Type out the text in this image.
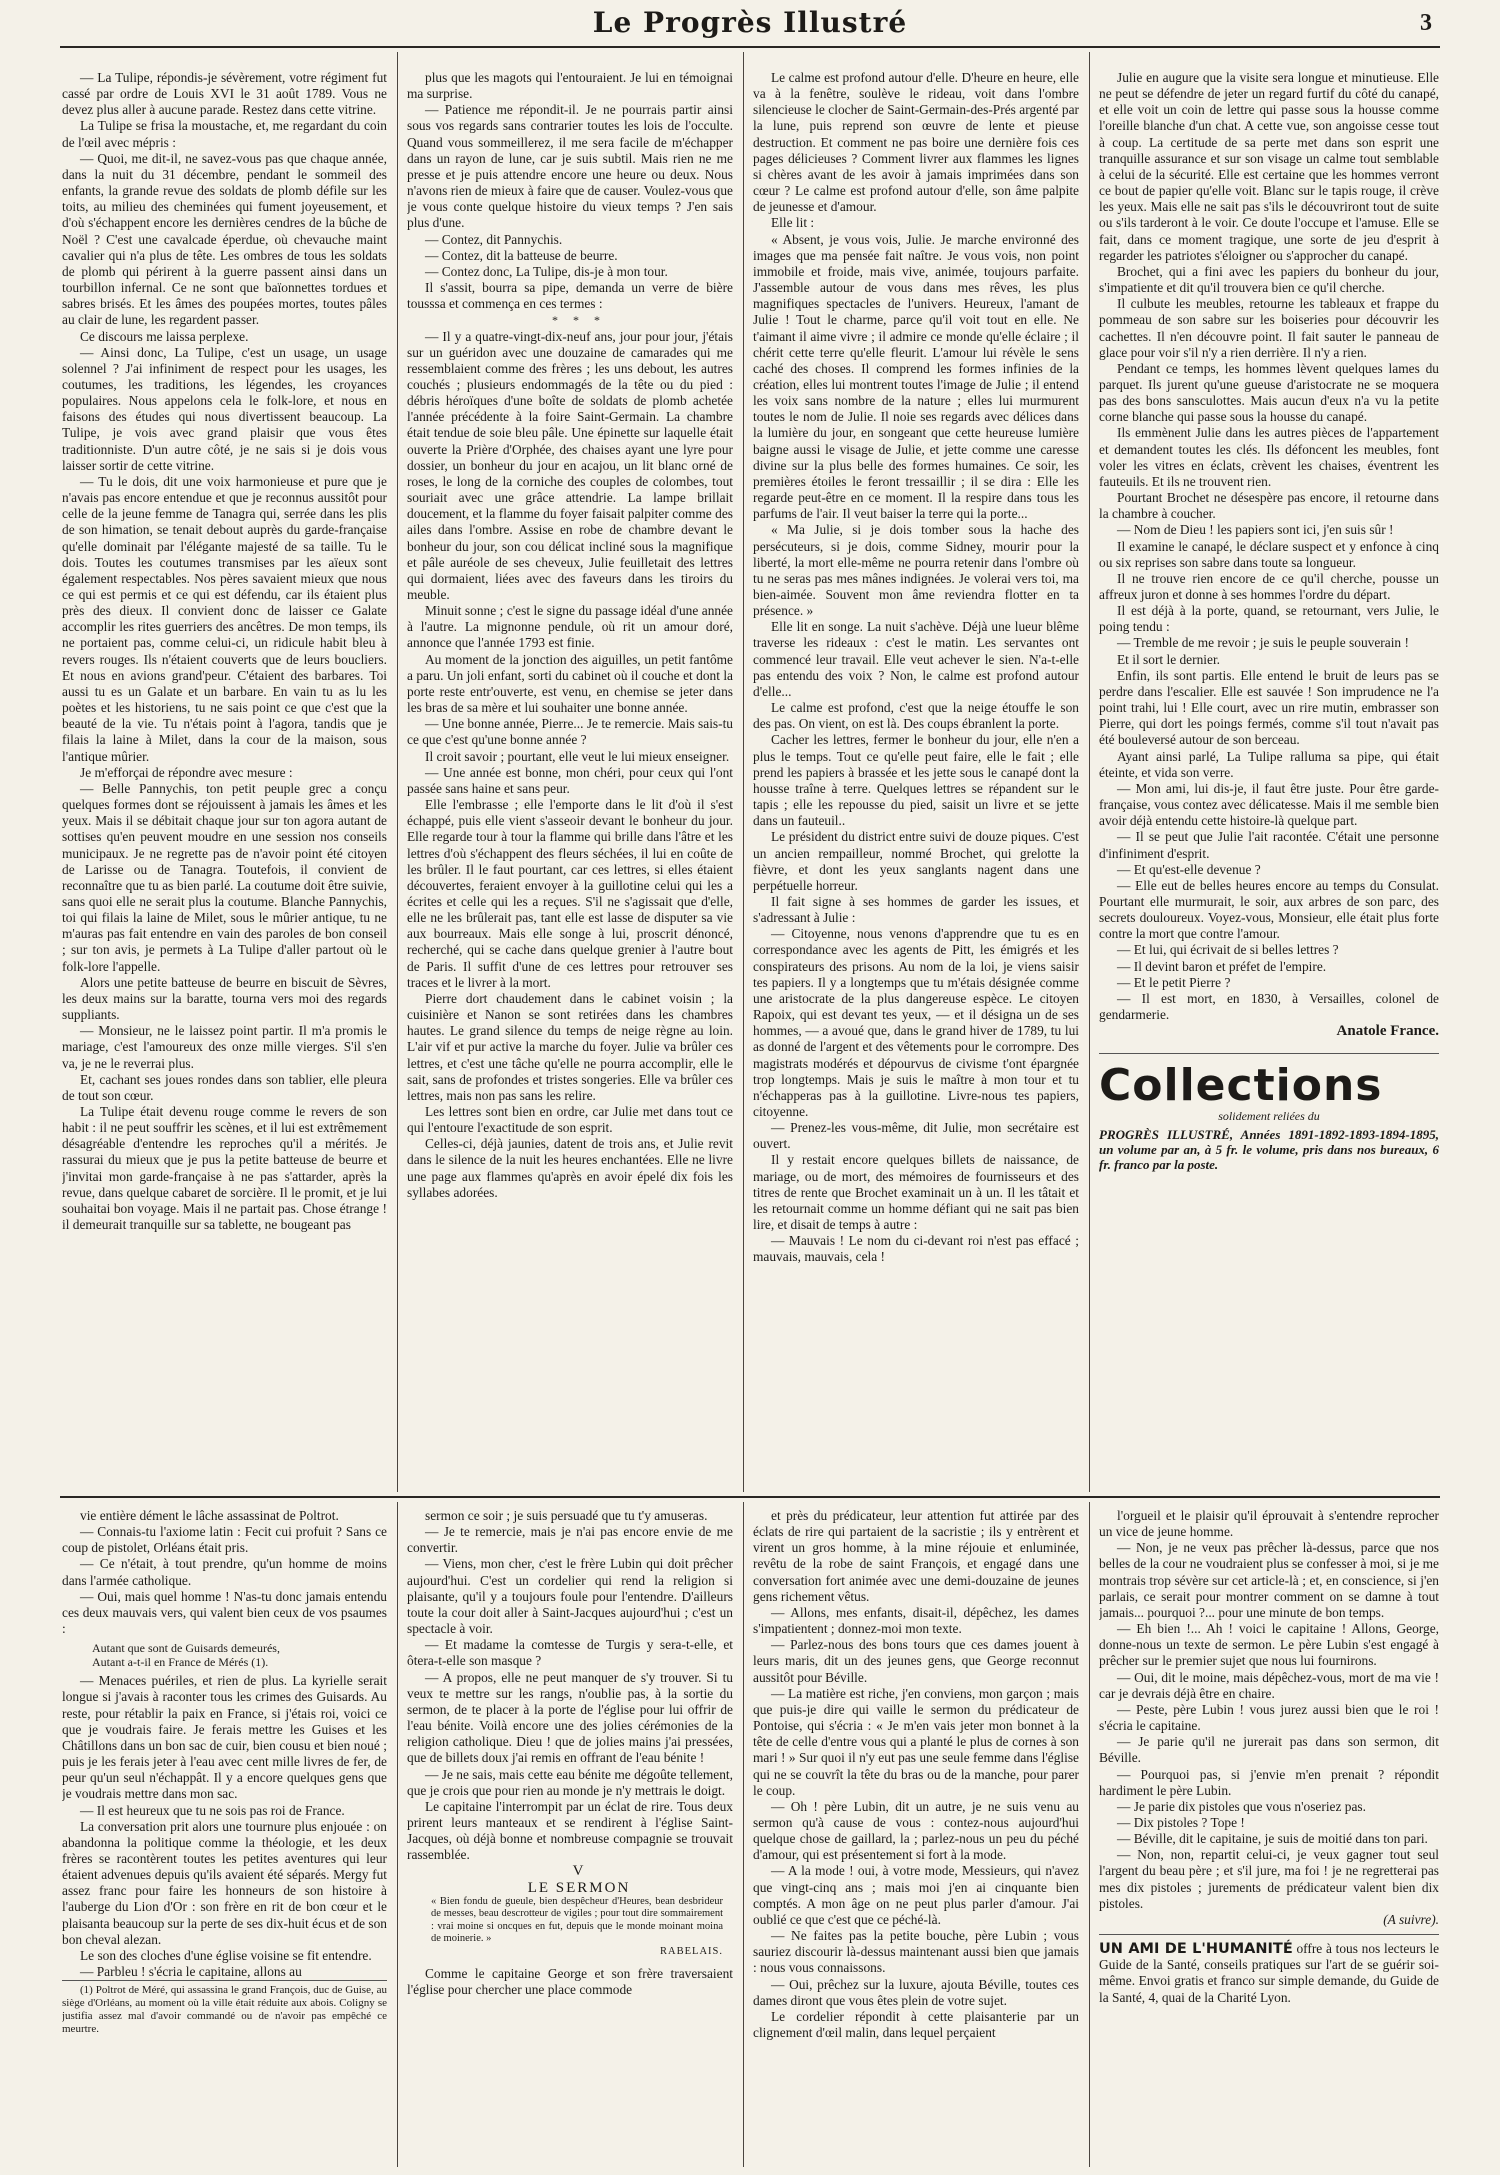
Le Progrès Illustré	3

— La Tulipe, répondis-je sévèrement, votre régiment fut cassé par ordre de Louis XVI le 31 août 1789. Vous ne devez plus aller à aucune parade. Restez dans cette vitrine.

La Tulipe se frisa la moustache, et, me regardant du coin de l'œil avec mépris :

— Quoi, me dit-il, ne savez-vous pas que chaque année, dans la nuit du 31 décembre, pendant le sommeil des enfants, la grande revue des soldats de plomb défile sur les toits, au milieu des cheminées qui fument joyeusement, et d'où s'échappent encore les dernières cendres de la bûche de Noël ? C'est une cavalcade éperdue, où chevauche maint cavalier qui n'a plus de tête. Les ombres de tous les soldats de plomb qui périrent à la guerre passent ainsi dans un tourbillon infernal. Ce ne sont que baïonnettes tordues et sabres brisés. Et les âmes des poupées mortes, toutes pâles au clair de lune, les regardent passer.

Ce discours me laissa perplexe.

— Ainsi donc, La Tulipe, c'est un usage, un usage solennel ? J'ai infiniment de respect pour les usages, les coutumes, les traditions, les légendes, les croyances populaires. Nous appelons cela le folk-lore, et nous en faisons des études qui nous divertissent beaucoup. La Tulipe, je vois avec grand plaisir que vous êtes traditionniste. D'un autre côté, je ne sais si je dois vous laisser sortir de cette vitrine.

— Tu le dois, dit une voix harmonieuse et pure que je n'avais pas encore entendue et que je reconnus aussitôt pour celle de la jeune femme de Tanagra qui, serrée dans les plis de son himation, se tenait debout auprès du garde-française qu'elle dominait par l'élégante majesté de sa taille. Tu le dois. Toutes les coutumes transmises par les aïeux sont également respectables. Nos pères savaient mieux que nous ce qui est permis et ce qui est défendu, car ils étaient plus près des dieux. Il convient donc de laisser ce Galate accomplir les rites guerriers des ancêtres. De mon temps, ils ne portaient pas, comme celui-ci, un ridicule habit bleu à revers rouges. Ils n'étaient couverts que de leurs boucliers. Et nous en avions grand'peur. C'étaient des barbares. Toi aussi tu es un Galate et un barbare. En vain tu as lu les poètes et les historiens, tu ne sais point ce que c'est que la beauté de la vie. Tu n'étais point à l'agora, tandis que je filais la laine à Milet, dans la cour de la maison, sous l'antique mûrier.

Je m'efforçai de répondre avec mesure :

— Belle Pannychis, ton petit peuple grec a conçu quelques formes dont se réjouissent à jamais les âmes et les yeux. Mais il se débitait chaque jour sur ton agora autant de sottises qu'en peuvent moudre en une session nos conseils municipaux. Je ne regrette pas de n'avoir point été citoyen de Larisse ou de Tanagra. Toutefois, il convient de reconnaître que tu as bien parlé. La coutume doit être suivie, sans quoi elle ne serait plus la coutume. Blanche Pannychis, toi qui filais la laine de Milet, sous le mûrier antique, tu ne m'auras pas fait entendre en vain des paroles de bon conseil ; sur ton avis, je permets à La Tulipe d'aller partout où le folk-lore l'appelle.

Alors une petite batteuse de beurre en biscuit de Sèvres, les deux mains sur la baratte, tourna vers moi des regards suppliants.

— Monsieur, ne le laissez point partir. Il m'a promis le mariage, c'est l'amoureux des onze mille vierges. S'il s'en va, je ne le reverrai plus.

Et, cachant ses joues rondes dans son tablier, elle pleura de tout son cœur.

La Tulipe était devenu rouge comme le revers de son habit : il ne peut souffrir les scènes, et il lui est extrêmement désagréable d'entendre les reproches qu'il a mérités. Je rassurai du mieux que je pus la petite batteuse de beurre et j'invitai mon garde-française à ne pas s'attarder, après la revue, dans quelque cabaret de sorcière. Il le promit, et je lui souhaitai bon voyage. Mais il ne partait pas. Chose étrange ! il demeurait tranquille sur sa tablette, ne bougeant pas

plus que les magots qui l'entouraient. Je lui en témoignai ma surprise.

— Patience me répondit-il. Je ne pourrais partir ainsi sous vos regards sans contrarier toutes les lois de l'occulte. Quand vous sommeillerez, il me sera facile de m'échapper dans un rayon de lune, car je suis subtil. Mais rien ne me presse et je puis attendre encore une heure ou deux. Nous n'avons rien de mieux à faire que de causer. Voulez-vous que je vous conte quelque histoire du vieux temps ? J'en sais plus d'une.

— Contez, dit Pannychis.

— Contez, dit la batteuse de beurre.

— Contez donc, La Tulipe, dis-je à mon tour.

Il s'assit, bourra sa pipe, demanda un verre de bière tousssa et commença en ces termes :

* * *

— Il y a quatre-vingt-dix-neuf ans, jour pour jour, j'étais sur un guéridon avec une douzaine de camarades qui me ressemblaient comme des frères ; les uns debout, les autres couchés ; plusieurs endommagés de la tête ou du pied : débris héroïques d'une boîte de soldats de plomb achetée l'année précédente à la foire Saint-Germain. La chambre était tendue de soie bleu pâle. Une épinette sur laquelle était ouverte la Prière d'Orphée, des chaises ayant une lyre pour dossier, un bonheur du jour en acajou, un lit blanc orné de roses, le long de la corniche des couples de colombes, tout souriait avec une grâce attendrie. La lampe brillait doucement, et la flamme du foyer faisait palpiter comme des ailes dans l'ombre. Assise en robe de chambre devant le bonheur du jour, son cou délicat incliné sous la magnifique et pâle auréole de ses cheveux, Julie feuilletait des lettres qui dormaient, liées avec des faveurs dans les tiroirs du meuble.

Minuit sonne ; c'est le signe du passage idéal d'une année à l'autre. La mignonne pendule, où rit un amour doré, annonce que l'année 1793 est finie.

Au moment de la jonction des aiguilles, un petit fantôme a paru. Un joli enfant, sorti du cabinet où il couche et dont la porte reste entr'ouverte, est venu, en chemise se jeter dans les bras de sa mère et lui souhaiter une bonne année.

— Une bonne année, Pierre... Je te remercie. Mais sais-tu ce que c'est qu'une bonne année ?

Il croit savoir ; pourtant, elle veut le lui mieux enseigner.

— Une année est bonne, mon chéri, pour ceux qui l'ont passée sans haine et sans peur.

Elle l'embrasse ; elle l'emporte dans le lit d'où il s'est échappé, puis elle vient s'asseoir devant le bonheur du jour. Elle regarde tour à tour la flamme qui brille dans l'âtre et les lettres d'où s'échappent des fleurs séchées, il lui en coûte de les brûler. Il le faut pourtant, car ces lettres, si elles étaient découvertes, feraient envoyer à la guillotine celui qui les a écrites et celle qui les a reçues. S'il ne s'agissait que d'elle, elle ne les brûlerait pas, tant elle est lasse de disputer sa vie aux bourreaux. Mais elle songe à lui, proscrit dénoncé, recherché, qui se cache dans quelque grenier à l'autre bout de Paris. Il suffit d'une de ces lettres pour retrouver ses traces et le livrer à la mort.

Pierre dort chaudement dans le cabinet voisin ; la cuisinière et Nanon se sont retirées dans les chambres hautes. Le grand silence du temps de neige règne au loin. L'air vif et pur active la marche du foyer. Julie va brûler ces lettres, et c'est une tâche qu'elle ne pourra accomplir, elle le sait, sans de profondes et tristes songeries. Elle va brûler ces lettres, mais non pas sans les relire.

Les lettres sont bien en ordre, car Julie met dans tout ce qui l'entoure l'exactitude de son esprit.

Celles-ci, déjà jaunies, datent de trois ans, et Julie revit dans le silence de la nuit les heures enchantées. Elle ne livre une page aux flammes qu'après en avoir épelé dix fois les syllabes adorées.

Le calme est profond autour d'elle. D'heure en heure, elle va à la fenêtre, soulève le rideau, voit dans l'ombre silencieuse le clocher de Saint-Germain-des-Prés argenté par la lune, puis reprend son œuvre de lente et pieuse destruction. Et comment ne pas boire une dernière fois ces pages délicieuses ? Comment livrer aux flammes les lignes si chères avant de les avoir à jamais imprimées dans son cœur ? Le calme est profond autour d'elle, son âme palpite de jeunesse et d'amour.

Elle lit :

« Absent, je vous vois, Julie. Je marche environné des images que ma pensée fait naître. Je vous vois, non point immobile et froide, mais vive, animée, toujours parfaite. J'assemble autour de vous dans mes rêves, les plus magnifiques spectacles de l'univers. Heureux, l'amant de Julie ! Tout le charme, parce qu'il voit tout en elle. Ne t'aimant il aime vivre ; il admire ce monde qu'elle éclaire ; il chérit cette terre qu'elle fleurit. L'amour lui révèle le sens caché des choses. Il comprend les formes infinies de la création, elles lui montrent toutes l'image de Julie ; il entend les voix sans nombre de la nature ; elles lui murmurent toutes le nom de Julie. Il noie ses regards avec délices dans la lumière du jour, en songeant que cette heureuse lumière baigne aussi le visage de Julie, et jette comme une caresse divine sur la plus belle des formes humaines. Ce soir, les premières étoiles le feront tressaillir ; il se dira : Elle les regarde peut-être en ce moment. Il la respire dans tous les parfums de l'air. Il veut baiser la terre qui la porte...

« Ma Julie, si je dois tomber sous la hache des persécuteurs, si je dois, comme Sidney, mourir pour la liberté, la mort elle-même ne pourra retenir dans l'ombre où tu ne seras pas mes mânes indignées. Je volerai vers toi, ma bien-aimée. Souvent mon âme reviendra flotter en ta présence. »

Elle lit en songe. La nuit s'achève. Déjà une lueur blême traverse les rideaux : c'est le matin. Les servantes ont commencé leur travail. Elle veut achever le sien. N'a-t-elle pas entendu des voix ? Non, le calme est profond autour d'elle...

Le calme est profond, c'est que la neige étouffe le son des pas. On vient, on est là. Des coups ébranlent la porte.

Cacher les lettres, fermer le bonheur du jour, elle n'en a plus le temps. Tout ce qu'elle peut faire, elle le fait ; elle prend les papiers à brassée et les jette sous le canapé dont la housse traîne à terre. Quelques lettres se répandent sur le tapis ; elle les repousse du pied, saisit un livre et se jette dans un fauteuil..

Le président du district entre suivi de douze piques. C'est un ancien rempailleur, nommé Brochet, qui grelotte la fièvre, et dont les yeux sanglants nagent dans une perpétuelle horreur.

Il fait signe à ses hommes de garder les issues, et s'adressant à Julie :

— Citoyenne, nous venons d'apprendre que tu es en correspondance avec les agents de Pitt, les émigrés et les conspirateurs des prisons. Au nom de la loi, je viens saisir tes papiers. Il y a longtemps que tu m'étais désignée comme une aristocrate de la plus dangereuse espèce. Le citoyen Rapoix, qui est devant tes yeux, — et il désigna un de ses hommes, — a avoué que, dans le grand hiver de 1789, tu lui as donné de l'argent et des vêtements pour le corrompre. Des magistrats modérés et dépourvus de civisme t'ont épargnée trop longtemps. Mais je suis le maître à mon tour et tu n'échapperas pas à la guillotine. Livre-nous tes papiers, citoyenne.

— Prenez-les vous-même, dit Julie, mon secrétaire est ouvert.

Il y restait encore quelques billets de naissance, de mariage, ou de mort, des mémoires de fournisseurs et des titres de rente que Brochet examinait un à un. Il les tâtait et les retournait comme un homme défiant qui ne sait pas bien lire, et disait de temps à autre :

— Mauvais ! Le nom du ci-devant roi n'est pas effacé ; mauvais, mauvais, cela !

Julie en augure que la visite sera longue et minutieuse. Elle ne peut se défendre de jeter un regard furtif du côté du canapé, et elle voit un coin de lettre qui passe sous la housse comme l'oreille blanche d'un chat. A cette vue, son angoisse cesse tout à coup. La certitude de sa perte met dans son esprit une tranquille assurance et sur son visage un calme tout semblable à celui de la sécurité. Elle est certaine que les hommes verront ce bout de papier qu'elle voit. Blanc sur le tapis rouge, il crève les yeux. Mais elle ne sait pas s'ils le découvriront tout de suite ou s'ils tarderont à le voir. Ce doute l'occupe et l'amuse. Elle se fait, dans ce moment tragique, une sorte de jeu d'esprit à regarder les patriotes s'éloigner ou s'approcher du canapé.

Brochet, qui a fini avec les papiers du bonheur du jour, s'impatiente et dit qu'il trouvera bien ce qu'il cherche.

Il culbute les meubles, retourne les tableaux et frappe du pommeau de son sabre sur les boiseries pour découvrir les cachettes. Il n'en découvre point. Il fait sauter le panneau de glace pour voir s'il n'y a rien derrière. Il n'y a rien.

Pendant ce temps, les hommes lèvent quelques lames du parquet. Ils jurent qu'une gueuse d'aristocrate ne se moquera pas des bons sansculottes. Mais aucun d'eux n'a vu la petite corne blanche qui passe sous la housse du canapé.

Ils emmènent Julie dans les autres pièces de l'appartement et demandent toutes les clés. Ils défoncent les meubles, font voler les vitres en éclats, crèvent les chaises, éventrent les fauteuils. Et ils ne trouvent rien.

Pourtant Brochet ne désespère pas encore, il retourne dans la chambre à coucher.

— Nom de Dieu ! les papiers sont ici, j'en suis sûr !

Il examine le canapé, le déclare suspect et y enfonce à cinq ou six reprises son sabre dans toute sa longueur.

Il ne trouve rien encore de ce qu'il cherche, pousse un affreux juron et donne à ses hommes l'ordre du départ.

Il est déjà à la porte, quand, se retournant, vers Julie, le poing tendu :

— Tremble de me revoir ; je suis le peuple souverain !

Et il sort le dernier.

Enfin, ils sont partis. Elle entend le bruit de leurs pas se perdre dans l'escalier. Elle est sauvée ! Son imprudence ne l'a point trahi, lui ! Elle court, avec un rire mutin, embrasser son Pierre, qui dort les poings fermés, comme s'il tout n'avait pas été bouleversé autour de son berceau.

Ayant ainsi parlé, La Tulipe ralluma sa pipe, qui était éteinte, et vida son verre.

— Mon ami, lui dis-je, il faut être juste. Pour être garde-française, vous contez avec délicatesse. Mais il me semble bien avoir déjà entendu cette histoire-là quelque part.

— Il se peut que Julie l'ait racontée. C'était une personne d'infiniment d'esprit.

— Et qu'est-elle devenue ?

— Elle eut de belles heures encore au temps du Consulat. Pourtant elle murmurait, le soir, aux arbres de son parc, des secrets douloureux. Voyez-vous, Monsieur, elle était plus forte contre la mort que contre l'amour.

— Et lui, qui écrivait de si belles lettres ?

— Il devint baron et préfet de l'empire.

— Et le petit Pierre ?

— Il est mort, en 1830, à Versailles, colonel de gendarmerie.

Anatole France.

Collections
solidement reliées du
PROGRÈS ILLUSTRÉ, Années 1891-1892-1893-1894-1895, un volume par an, à 5 fr. le volume, pris dans nos bureaux, 6 fr. franco par la poste.

vie entière dément le lâche assassinat de Poltrot.

— Connais-tu l'axiome latin : Fecit cui profuit ? Sans ce coup de pistolet, Orléans était pris.

— Ce n'était, à tout prendre, qu'un homme de moins dans l'armée catholique.

— Oui, mais quel homme ! N'as-tu donc jamais entendu ces deux mauvais vers, qui valent bien ceux de vos psaumes :

Autant que sont de Guisards demeurés,
Autant a-t-il en France de Mérés (1).

— Menaces puériles, et rien de plus. La kyrielle serait longue si j'avais à raconter tous les crimes des Guisards. Au reste, pour rétablir la paix en France, si j'étais roi, voici ce que je voudrais faire. Je ferais mettre les Guises et les Châtillons dans un bon sac de cuir, bien cousu et bien noué ; puis je les ferais jeter à l'eau avec cent mille livres de fer, de peur qu'un seul n'échappât. Il y a encore quelques gens que je voudrais mettre dans mon sac.

— Il est heureux que tu ne sois pas roi de France.

La conversation prit alors une tournure plus enjouée : on abandonna la politique comme la théologie, et les deux frères se racontèrent toutes les petites aventures qui leur étaient advenues depuis qu'ils avaient été séparés. Mergy fut assez franc pour faire les honneurs de son histoire à l'auberge du Lion d'Or : son frère en rit de bon cœur et le plaisanta beaucoup sur la perte de ses dix-huit écus et de son bon cheval alezan.

Le son des cloches d'une église voisine se fit entendre.

— Parbleu ! s'écria le capitaine, allons au

(1) Poltrot de Méré, qui assassina le grand François, duc de Guise, au siège d'Orléans, au moment où la ville était réduite aux abois. Coligny se justifia assez mal d'avoir commandé ou de n'avoir pas empêché ce meurtre.

sermon ce soir ; je suis persuadé que tu t'y amuseras.

— Je te remercie, mais je n'ai pas encore envie de me convertir.

— Viens, mon cher, c'est le frère Lubin qui doit prêcher aujourd'hui. C'est un cordelier qui rend la religion si plaisante, qu'il y a toujours foule pour l'entendre. D'ailleurs toute la cour doit aller à Saint-Jacques aujourd'hui ; c'est un spectacle à voir.

— Et madame la comtesse de Turgis y sera-t-elle, et ôtera-t-elle son masque ?

— A propos, elle ne peut manquer de s'y trouver. Si tu veux te mettre sur les rangs, n'oublie pas, à la sortie du sermon, de te placer à la porte de l'église pour lui offrir de l'eau bénite. Voilà encore une des jolies cérémonies de la religion catholique. Dieu ! que de jolies mains j'ai pressées, que de billets doux j'ai remis en offrant de l'eau bénite !

— Je ne sais, mais cette eau bénite me dégoûte tellement, que je crois que pour rien au monde je n'y mettrais le doigt.

Le capitaine l'interrompit par un éclat de rire. Tous deux prirent leurs manteaux et se rendirent à l'église Saint-Jacques, où déjà bonne et nombreuse compagnie se trouvait rassemblée.

V

LE SERMON

« Bien fondu de gueule, bien despêcheur d'Heures, bean desbrideur de messes, beau descrotteur de vigiles ; pour tout dire sommairement : vrai moine si oncques en fut, depuis que le monde moinant moina de moinerie. »
RABELAIS.

Comme le capitaine George et son frère traversaient l'église pour chercher une place commode

et près du prédicateur, leur attention fut attirée par des éclats de rire qui partaient de la sacristie ; ils y entrèrent et virent un gros homme, à la mine réjouie et enluminée, revêtu de la robe de saint François, et engagé dans une conversation fort animée avec une demi-douzaine de jeunes gens richement vêtus.

— Allons, mes enfants, disait-il, dépêchez, les dames s'impatientent ; donnez-moi mon texte.

— Parlez-nous des bons tours que ces dames jouent à leurs maris, dit un des jeunes gens, que George reconnut aussitôt pour Béville.

— La matière est riche, j'en conviens, mon garçon ; mais que puis-je dire qui vaille le sermon du prédicateur de Pontoise, qui s'écria : « Je m'en vais jeter mon bonnet à la tête de celle d'entre vous qui a planté le plus de cornes à son mari ! » Sur quoi il n'y eut pas une seule femme dans l'église qui ne se couvrît la tête du bras ou de la manche, pour parer le coup.

— Oh ! père Lubin, dit un autre, je ne suis venu au sermon qu'à cause de vous : contez-nous aujourd'hui quelque chose de gaillard, la ; parlez-nous un peu du péché d'amour, qui est présentement si fort à la mode.

— A la mode ! oui, à votre mode, Messieurs, qui n'avez que vingt-cinq ans ; mais moi j'en ai cinquante bien comptés. A mon âge on ne peut plus parler d'amour. J'ai oublié ce que c'est que ce péché-là.

— Ne faites pas la petite bouche, père Lubin ; vous sauriez discourir là-dessus maintenant aussi bien que jamais : nous vous connaissons.

— Oui, prêchez sur la luxure, ajouta Béville, toutes ces dames diront que vous êtes plein de votre sujet.

Le cordelier répondit à cette plaisanterie par un clignement d'œil malin, dans lequel perçaient

l'orgueil et le plaisir qu'il éprouvait à s'entendre reprocher un vice de jeune homme.

— Non, je ne veux pas prêcher là-dessus, parce que nos belles de la cour ne voudraient plus se confesser à moi, si je me montrais trop sévère sur cet article-là ; et, en conscience, si j'en parlais, ce serait pour montrer comment on se damne à tout jamais... pourquoi ?... pour une minute de bon temps.

— Eh bien !... Ah ! voici le capitaine ! Allons, George, donne-nous un texte de sermon. Le père Lubin s'est engagé à prêcher sur le premier sujet que nous lui fournirons.

— Oui, dit le moine, mais dépêchez-vous, mort de ma vie ! car je devrais déjà être en chaire.

— Peste, père Lubin ! vous jurez aussi bien que le roi ! s'écria le capitaine.

— Je parie qu'il ne jurerait pas dans son sermon, dit Béville.

— Pourquoi pas, si j'envie m'en prenait ? répondit hardiment le père Lubin.

— Je parie dix pistoles que vous n'oseriez pas.

— Dix pistoles ? Tope !

— Béville, dit le capitaine, je suis de moitié dans ton pari.

— Non, non, repartit celui-ci, je veux gagner tout seul l'argent du beau père ; et s'il jure, ma foi ! je ne regretterai pas mes dix pistoles ; jurements de prédicateur valent bien dix pistoles.

(A suivre).

UN AMI DE L'HUMANITÉ offre à tous nos lecteurs le Guide de la Santé, conseils pratiques sur l'art de se guérir soi-même. Envoi gratis et franco sur simple demande, du Guide de la Santé, 4, quai de la Charité Lyon.
